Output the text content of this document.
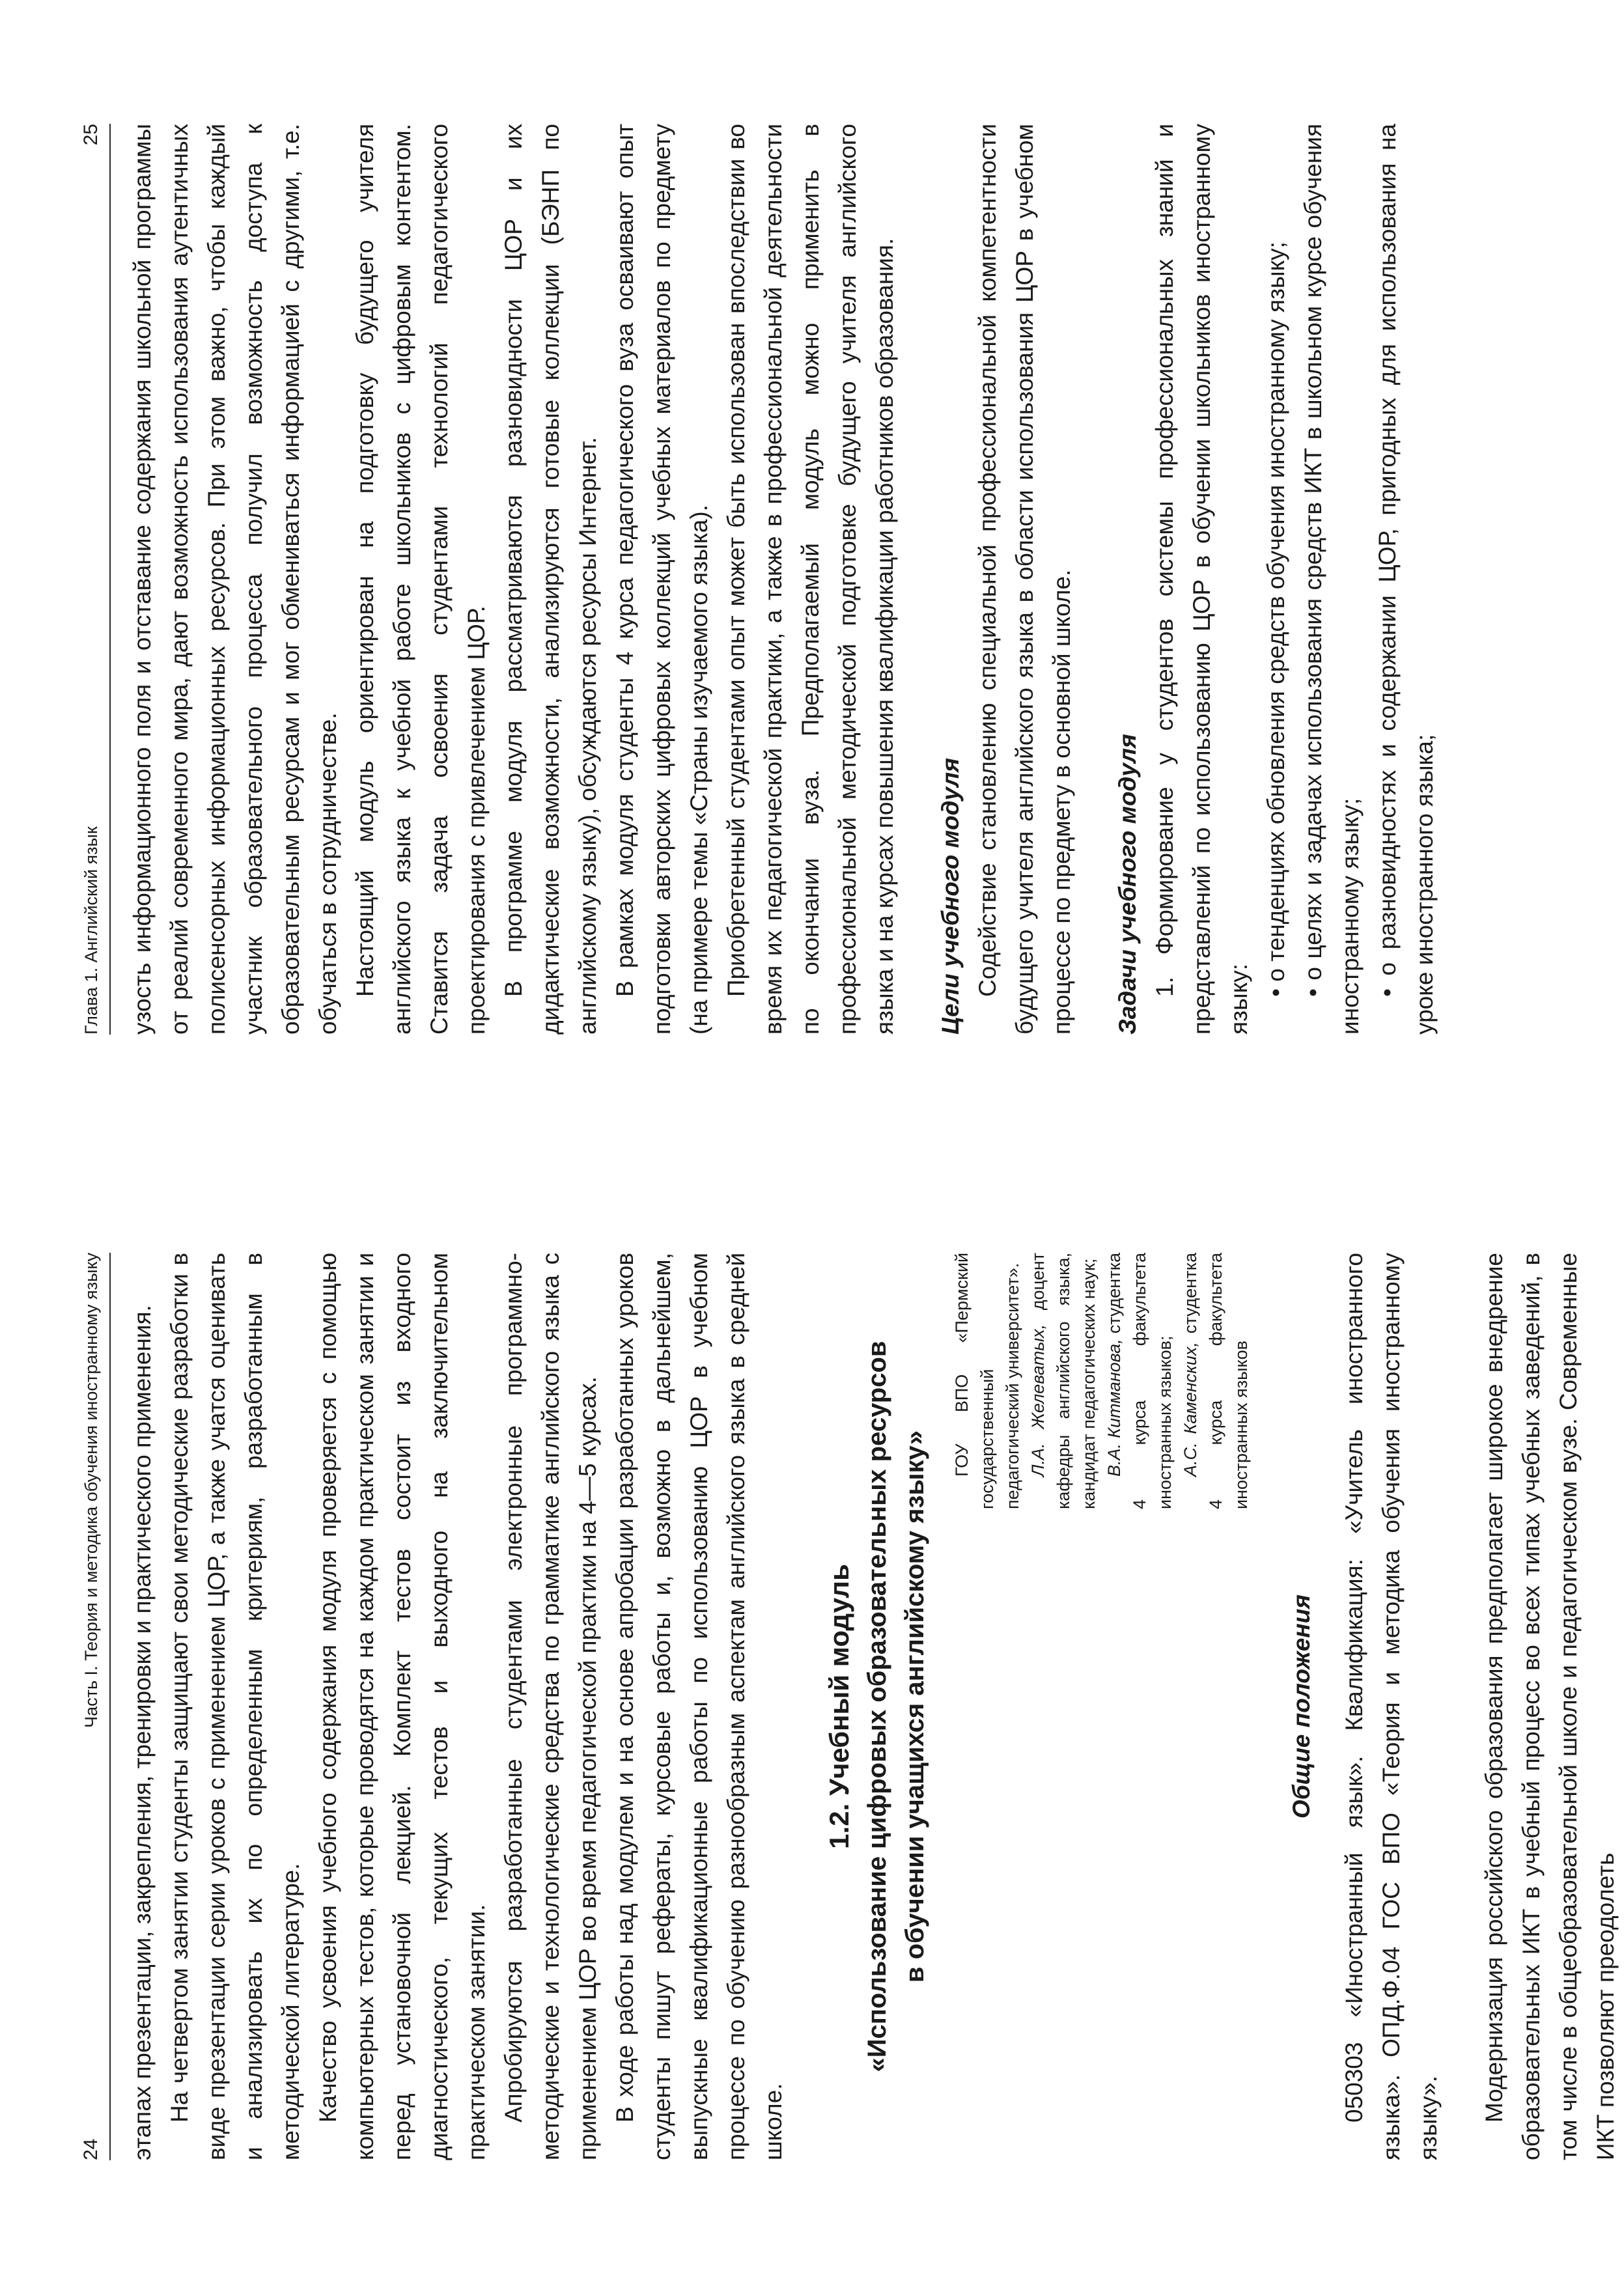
24
Часть I. Теория и методика обучения иностранному языку этапах презентации, закрепления, тренировки и практического применения. На четвертом занятии студенты защищают свои методические разработки в виде презентации серии уроков с применением ЦОР, а также учатся оценивать и анализировать их по определенным критериям, разработанным в методической литературе. Качество усвоения учебного содержания модуля проверяется с помощью компьютерных тестов, которые проводятся на каждом практическом занятии и перед установочной лекцией. Комплект тестов состоит из входного диагностического, текущих тестов и выходного на заключительном практическом занятии. Апробируются разработанные студентами электронные программно-методические и технологические средства по грамматике английского языка с применением ЦОР во время педагогической практики на 4—5 курсах. В ходе работы над модулем и на основе апробации разработанных уроков студенты пишут рефераты, курсовые работы и, возможно в дальнейшем, выпускные квалификационные работы по использованию ЦОР в учебном процессе по обучению разнообразным аспектам английского языка в средней школе.

1.2. Учебный модуль «Использование цифровых образовательных ресурсов в обучении учащихся английскому языку»

ГОУ ВПО «Пермский государственный педагогический университет». Л.А. Желеватых, доцент кафедры английского языка, кандидат педагогических наук; В.А. Китманова, студентка 4 курса факультета иностранных языков; А.С. Каменских, студентка 4 курса факультета иностранных языков

Общие положения 050303 «Иностранный язык». Квалификация: «Учитель иностранного языка». ОПД.Ф.04 ГОС ВПО «Теория и методика обучения иностранному языку». Модернизация российского образования предполагает широкое внедрение образовательных ИКТ в учебный процесс во всех типах учебных заведений, в том числе в общеобразовательной школе и педагогическом вузе. Современные ИКТ позволяют преодолеть

Глава 1. Английский язык
25 узость информационного поля и отставание содержания школьной программы от реалий современного мира, дают возможность использования аутентичных полисенсорных информационных ресурсов. При этом важно, чтобы каждый участник образовательного процесса получил возможность доступа к образовательным ресурсам и мог обмениваться информацией с другими, т.е. обучаться в сотрудничестве. Настоящий модуль ориентирован на подготовку будущего учителя английского языка к учебной работе школьников с цифровым контентом. Ставится задача освоения студентами технологий педагогического проектирования с привлечением ЦОР. В программе модуля рассматриваются разновидности ЦОР и их дидактические возможности, анализируются готовые коллекции (БЭНП по английскому языку), обсуждаются ресурсы Интернет. В рамках модуля студенты 4 курса педагогического вуза осваивают опыт подготовки авторских цифровых коллекций учебных материалов по предмету (на примере темы «Страны изучаемого языка). Приобретенный студентами опыт может быть использован впоследствии во время их педагогической практики, а также в профессиональной деятельности по окончании вуза. Предполагаемый модуль можно применить в профессиональной методической подготовке будущего учителя английского языка и на курсах повышения квалификации работников образования. Цели учебного модуля Содействие становлению специальной профессиональной компетентности будущего учителя английского языка в области использования ЦОР в учебном процессе по предмету в основной школе. Задачи учебного модуля 1. Формирование у студентов системы профессиональных знаний и представлений по использованию ЦОР в обучении школьников иностранному языку:

• о тенденциях обновления средств обучения иностранному языку; • о целях и задачах использования средств ИКТ в школьном курсе обучения иностранному языку; • о разновидностях и содержании ЦОР, пригодных для использования на уроке иностранного языка;
